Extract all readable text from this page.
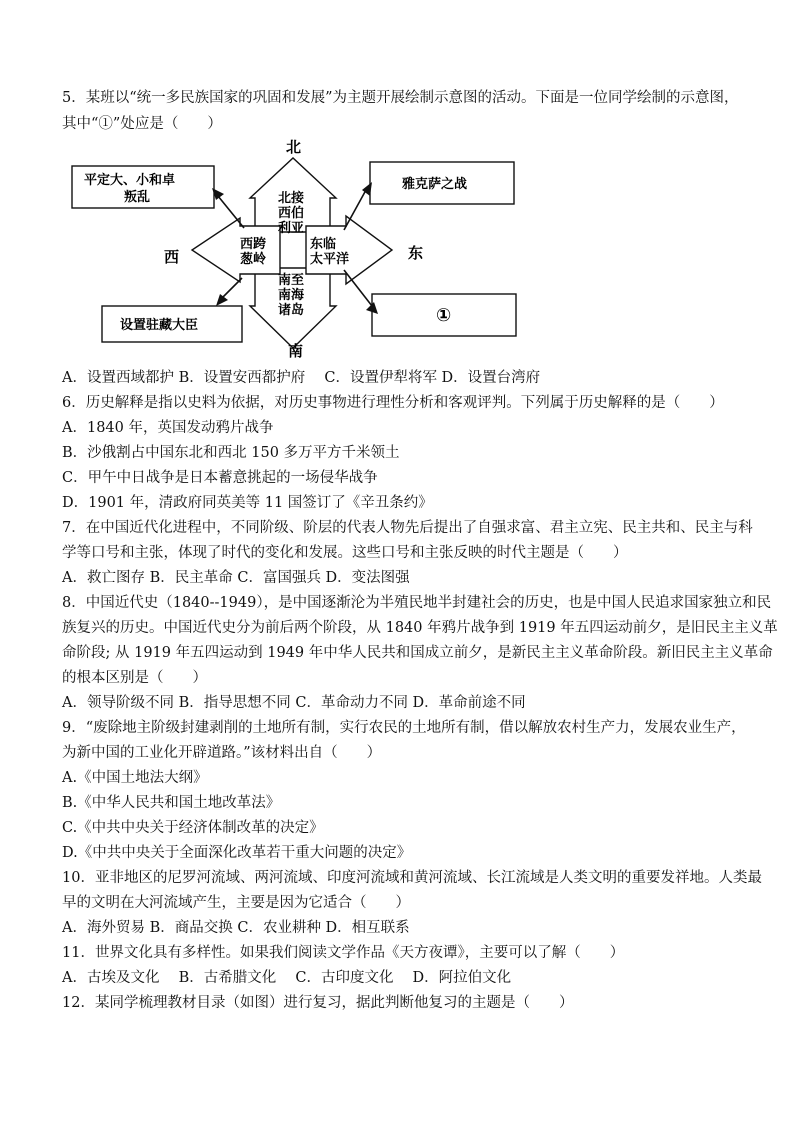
5．某班以“统一多民族国家的巩固和发展”为主题开展绘制示意图的活动。下面是一位同学绘制的示意图，
其中“①”处应是（　　）
北
南
西	东
平定大、小和卓
叛乱
雅克萨之战
设置驻藏大臣	①
北接
西伯
利亚
西跨
葱岭
东临
太平洋
南至
南海
诸岛
A．设置西域都护 B．设置安西都护府　 C．设置伊犁将军 D．设置台湾府
6．历史解释是指以史料为依据，对历史事物进行理性分析和客观评判。下列属于历史解释的是（　　）
A．1840 年，英国发动鸦片战争
B．沙俄割占中国东北和西北 150 多万平方千米领土
C．甲午中日战争是日本蓄意挑起的一场侵华战争
D．1901 年，清政府同英美等 11 国签订了《辛丑条约》
7．在中国近代化进程中，不同阶级、阶层的代表人物先后提出了自强求富、君主立宪、民主共和、民主与科
学等口号和主张，体现了时代的变化和发展。这些口号和主张反映的时代主题是（　　）
A．救亡图存 B．民主革命 C．富国强兵 D．变法图强
8．中国近代史（1840--1949），是中国逐渐沦为半殖民地半封建社会的历史，也是中国人民追求国家独立和民
族复兴的历史。中国近代史分为前后两个阶段，从 1840 年鸦片战争到 1919 年五四运动前夕，是旧民主主义革
命阶段; 从 1919 年五四运动到 1949 年中华人民共和国成立前夕，是新民主主义革命阶段。新旧民主主义革命
的根本区别是（　　）
A．领导阶级不同 B．指导思想不同 C．革命动力不同 D．革命前途不同
9．“废除地主阶级封建剥削的土地所有制，实行农民的土地所有制，借以解放农村生产力，发展农业生产，
为新中国的工业化开辟道路。”该材料出自（　　）
A.《中国土地法大纲》
B.《中华人民共和国土地改革法》
C.《中共中央关于经济体制改革的决定》
D.《中共中央关于全面深化改革若干重大问题的决定》
10．亚非地区的尼罗河流域、两河流域、印度河流域和黄河流域、长江流域是人类文明的重要发祥地。人类最
早的文明在大河流域产生，主要是因为它适合（　　）
A．海外贸易 B．商品交换 C．农业耕种 D．相互联系
11．世界文化具有多样性。如果我们阅读文学作品《天方夜谭》，主要可以了解（　　）
A．古埃及文化　 B．古希腊文化　 C．古印度文化　 D．阿拉伯文化
12．某同学梳理教材目录（如图）进行复习，据此判断他复习的主题是（　　）
